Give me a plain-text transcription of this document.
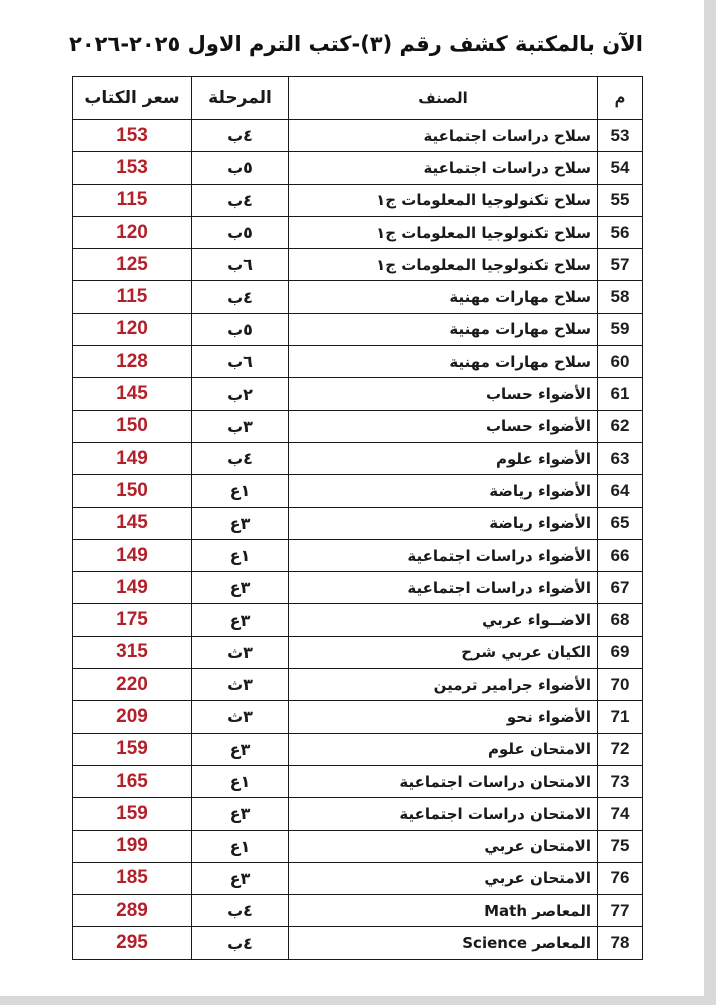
الآن بالمكتبة كشف رقم (٣)-كتب الترم الاول ٢٠٢٥-٢٠٢٦
م	الصنف	المرحلة	سعر الكتاب
53	سلاح دراسات اجتماعية	٤ب	153
54	سلاح دراسات اجتماعية	٥ب	153
55	سلاح تكنولوجيا المعلومات ج١	٤ب	115
56	سلاح تكنولوجيا المعلومات ج١	٥ب	120
57	سلاح تكنولوجيا المعلومات ج١	٦ب	125
58	سلاح مهارات مهنية	٤ب	115
59	سلاح مهارات مهنية	٥ب	120
60	سلاح مهارات مهنية	٦ب	128
61	الأضواء حساب	٢ب	145
62	الأضواء حساب	٣ب	150
63	الأضواء علوم	٤ب	149
64	الأضواء رياضة	١ع	150
65	الأضواء رياضة	٣ع	145
66	الأضواء دراسات اجتماعية	١ع	149
67	الأضواء دراسات اجتماعية	٣ع	149
68	الاضــواء عربي	٣ع	175
69	الكيان عربي شرح	٣ث	315
70	الأضواء جرامير ترمين	٣ث	220
71	الأضواء نحو	٣ث	209
72	الامتحان علوم	٣ع	159
73	الامتحان دراسات اجتماعية	١ع	165
74	الامتحان دراسات اجتماعية	٣ع	159
75	الامتحان عربي	١ع	199
76	الامتحان عربي	٣ع	185
77	المعاصر Math	٤ب	289
78	المعاصر Science	٤ب	295
